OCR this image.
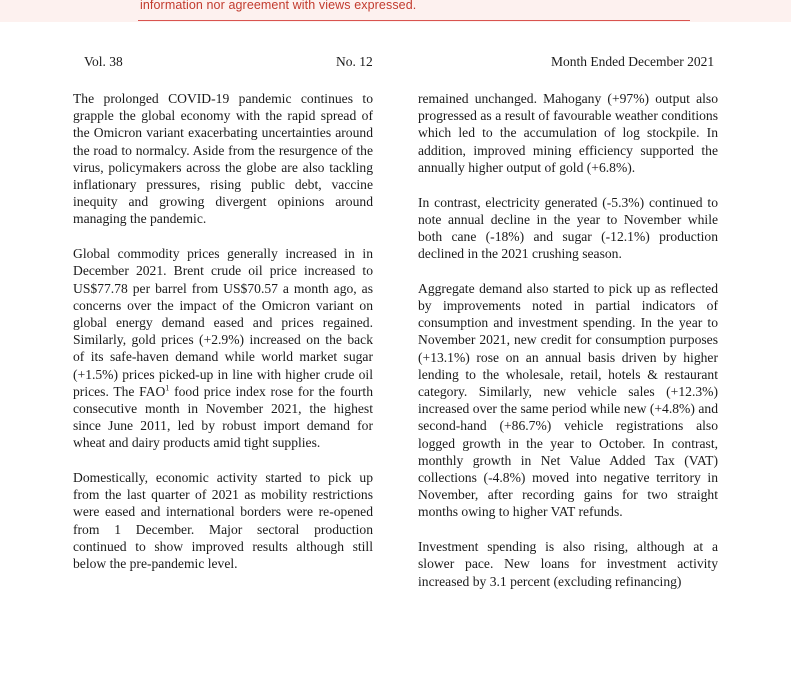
information nor agreement with views expressed.
Vol. 38	No. 12	Month Ended December 2021

The prolonged COVID-19 pandemic continues to grapple the global economy with the rapid spread of the Omicron variant exacerbating uncertainties around the road to normalcy. Aside from the resurgence of the virus, policymakers across the globe are also tackling inflationary pressures, rising public debt, vaccine inequity and growing divergent opinions around managing the pandemic.

Global commodity prices generally increased in in December 2021. Brent crude oil price increased to US$77.78 per barrel from US$70.57 a month ago, as concerns over the impact of the Omicron variant on global energy demand eased and prices regained. Similarly, gold prices (+2.9%) increased on the back of its safe-haven demand while world market sugar (+1.5%) prices picked-up in line with higher crude oil prices. The FAO$^1$ food price index rose for the fourth consecutive month in November 2021, the highest since June 2011, led by robust import demand for wheat and dairy products amid tight supplies.

Domestically, economic activity started to pick up from the last quarter of 2021 as mobility restrictions were eased and international borders were re-opened from 1 December. Major sectoral production continued to show improved results although still below the pre-pandemic level.

remained unchanged. Mahogany (+97%) output also progressed as a result of favourable weather conditions which led to the accumulation of log stockpile. In addition, improved mining efficiency supported the annually higher output of gold (+6.8%).

In contrast, electricity generated (-5.3%) continued to note annual decline in the year to November while both cane (-18%) and sugar (-12.1%) production declined in the 2021 crushing season.

Aggregate demand also started to pick up as reflected by improvements noted in partial indicators of consumption and investment spending. In the year to November 2021, new credit for consumption purposes (+13.1%) rose on an annual basis driven by higher lending to the wholesale, retail, hotels & restaurant category. Similarly, new vehicle sales (+12.3%) increased over the same period while new (+4.8%) and second-hand (+86.7%) vehicle registrations also logged growth in the year to October. In contrast, monthly growth in Net Value Added Tax (VAT) collections (-4.8%) moved into negative territory in November, after recording gains for two straight months owing to higher VAT refunds.

Investment spending is also rising, although at a slower pace. New loans for investment activity increased by 3.1 percent (excluding refinancing)
